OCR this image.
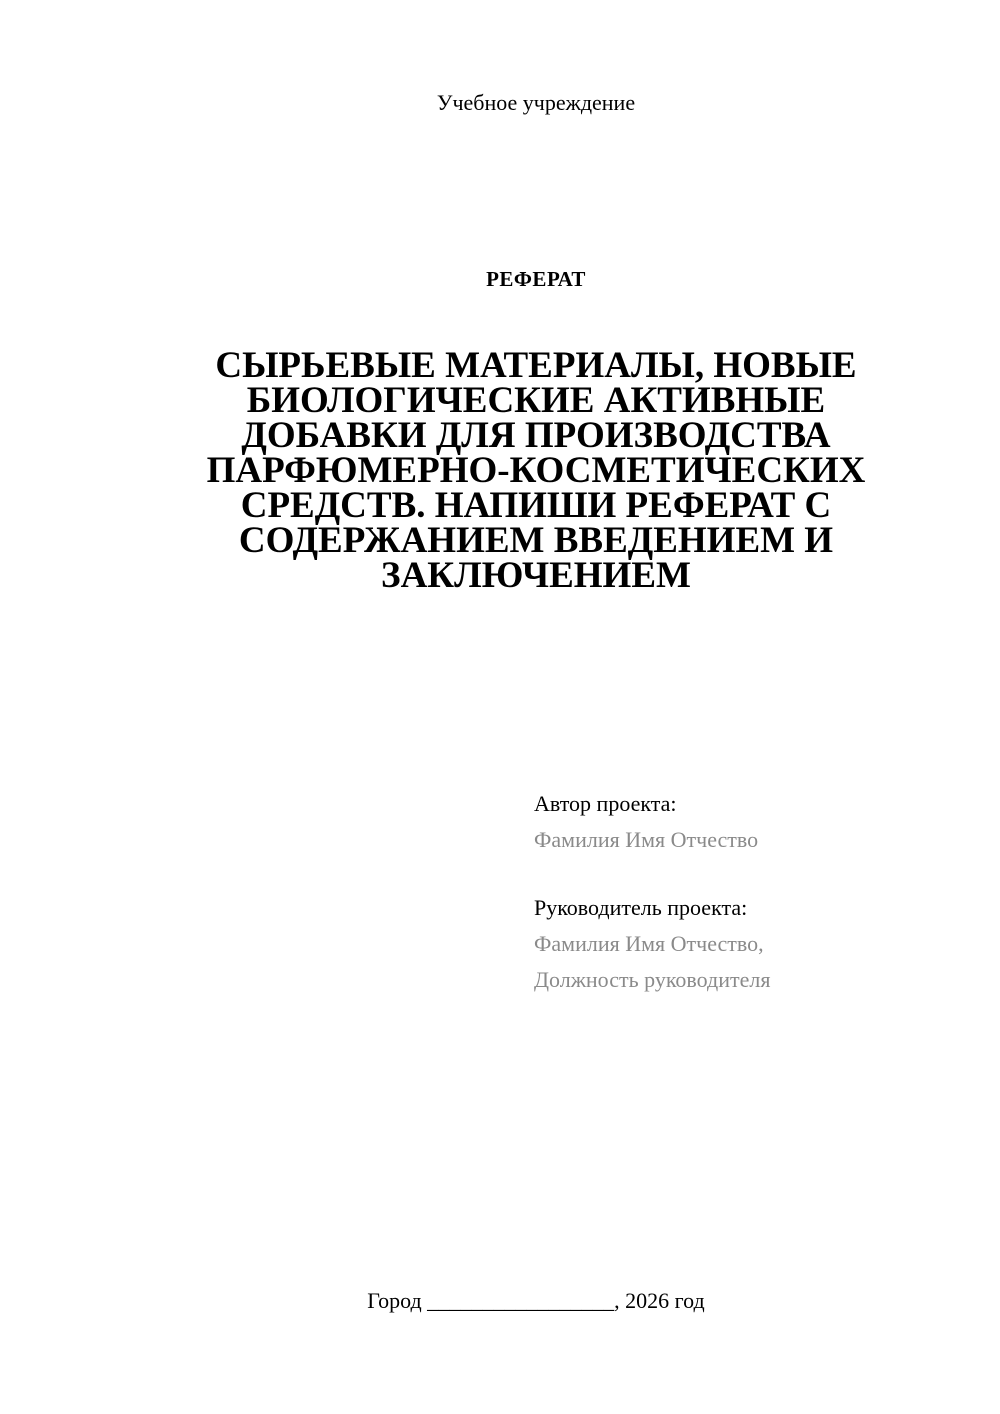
Учебное учреждение
РЕФЕРАТ
СЫРЬЕВЫЕ МАТЕРИАЛЫ, НОВЫЕ
БИОЛОГИЧЕСКИЕ АКТИВНЫЕ
ДОБАВКИ ДЛЯ ПРОИЗВОДСТВА
ПАРФЮМЕРНО-КОСМЕТИЧЕСКИХ
СРЕДСТВ. НАПИШИ РЕФЕРАТ С
СОДЕРЖАНИЕМ ВВЕДЕНИЕМ И
ЗАКЛЮЧЕНИЕМ
Автор проекта:
Фамилия Имя Отчество
Руководитель проекта:
Фамилия Имя Отчество,
Должность руководителя
Город _________________, 2026 год
